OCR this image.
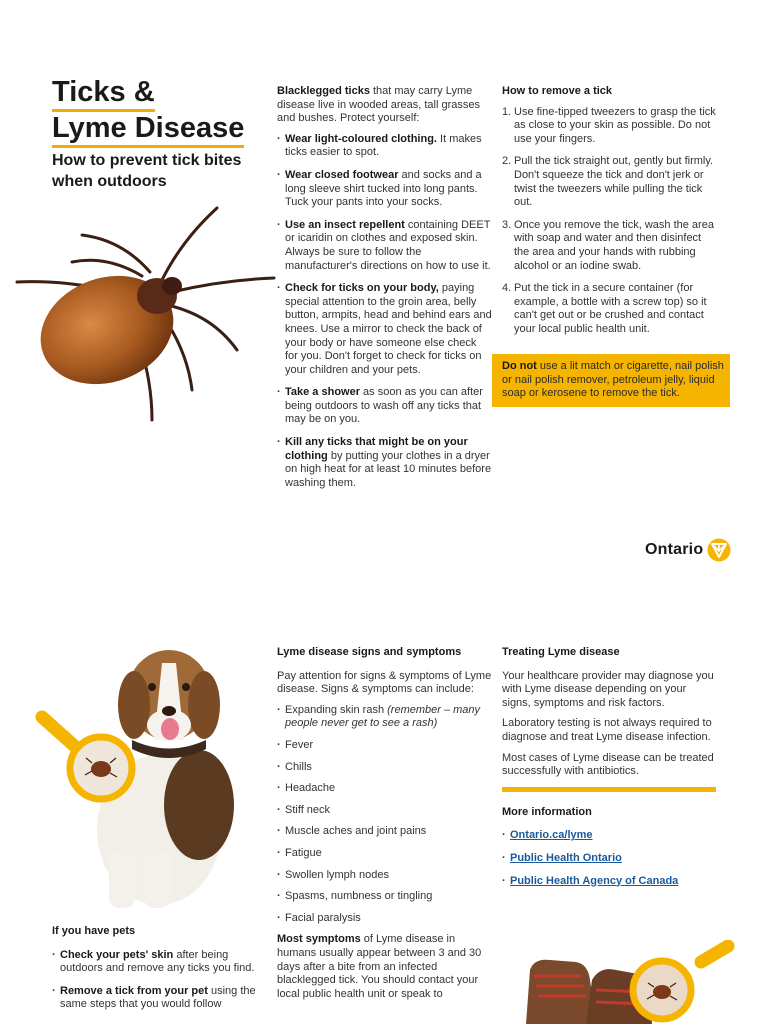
Ticks &
Lyme Disease
How to prevent tick bites when outdoors

Blacklegged ticks that may carry Lyme disease live in wooded areas, tall grasses and bushes. Protect yourself:

· Wear light-coloured clothing. It makes ticks easier to spot.
· Wear closed footwear and socks and a long sleeve shirt tucked into long pants. Tuck your pants into your socks.
· Use an insect repellent containing DEET or icaridin on clothes and exposed skin. Always be sure to follow the manufacturer's directions on how to use it.
· Check for ticks on your body, paying special attention to the groin area, belly button, armpits, head and behind ears and knees. Use a mirror to check the back of your body or have someone else check for you. Don't forget to check for ticks on your children and your pets.
· Take a shower as soon as you can after being outdoors to wash off any ticks that may be on you.
· Kill any ticks that might be on your clothing by putting your clothes in a dryer on high heat for at least 10 minutes before washing them.

How to remove a tick

1. Use fine-tipped tweezers to grasp the tick as close to your skin as possible. Do not use your fingers.
2. Pull the tick straight out, gently but firmly. Don't squeeze the tick and don't jerk or twist the tweezers while pulling the tick out.
3. Once you remove the tick, wash the area with soap and water and then disinfect the area and your hands with rubbing alcohol or an iodine swab.
4. Put the tick in a secure container (for example, a bottle with a screw top) so it can't get out or be crushed and contact your local public health unit.
Do not use a lit match or cigarette, nail polish or nail polish remover, petroleum jelly, liquid soap or kerosene to remove the tick.
Ontario

If you have pets

· Check your pets' skin after being outdoors and remove any ticks you find.
· Remove a tick from your pet using the same steps that you would follow

Lyme disease signs and symptoms

Pay attention for signs & symptoms of Lyme disease. Signs & symptoms can include:

· Expanding skin rash (remember – many people never get to see a rash)
· Fever
· Chills
· Headache
· Stiff neck
· Muscle aches and joint pains
· Fatigue
· Swollen lymph nodes
· Spasms, numbness or tingling
· Facial paralysis

Most symptoms of Lyme disease in humans usually appear between 3 and 30 days after a bite from an infected blacklegged tick. You should contact your local public health unit or speak to

Treating Lyme disease

Your healthcare provider may diagnose you with Lyme disease depending on your signs, symptoms and risk factors.

Laboratory testing is not always required to diagnose and treat Lyme disease infection.

Most cases of Lyme disease can be treated successfully with antibiotics.

More information

· Ontario.ca/lyme
· Public Health Ontario
· Public Health Agency of Canada
